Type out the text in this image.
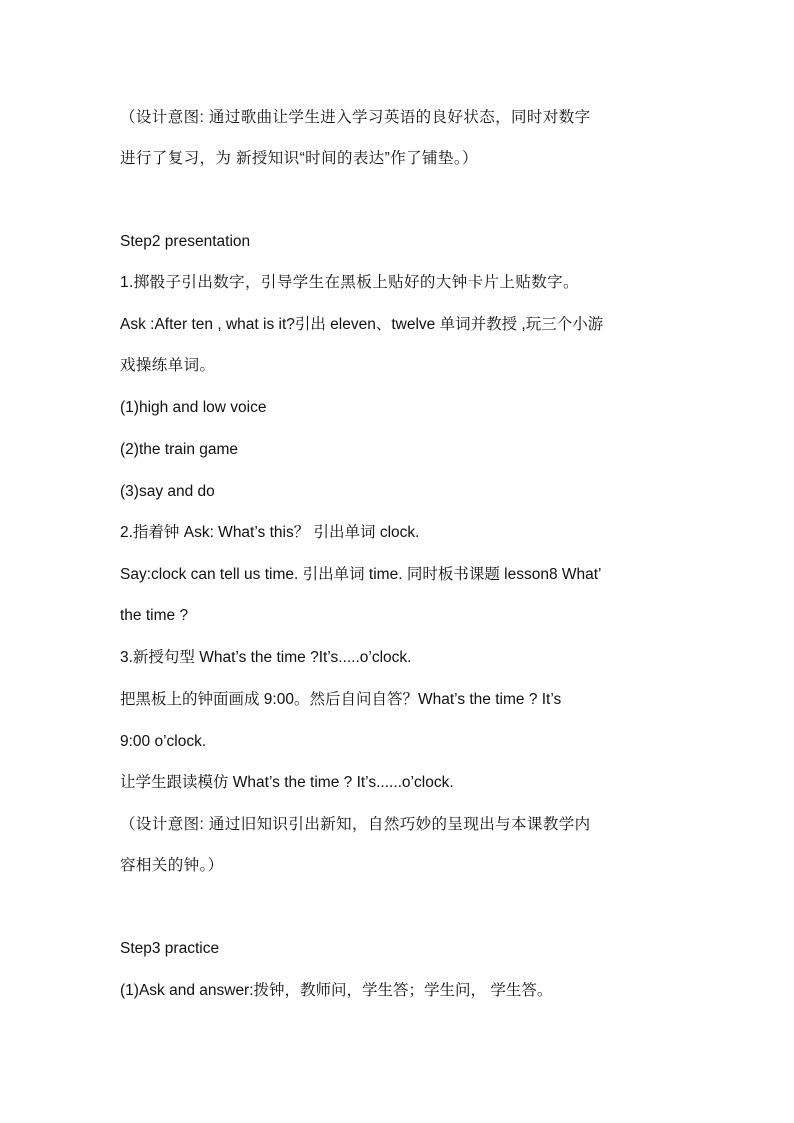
（设计意图: 通过歌曲让学生进入学习英语的良好状态，同时对数字
进行了复习，为 新授知识“时间的表达”作了铺垫。）
Step2 presentation
1.掷骰子引出数字，引导学生在黑板上贴好的大钟卡片上贴数字。
Ask :After ten , what is it?引出 eleven、twelve 单词并教授 ,玩三个小游
戏操练单词。
(1)high and low voice
(2)the train game
(3)say and do
2.指着钟 Ask: What’s this？ 引出单词 clock.
Say:clock can tell us time. 引出单词 time. 同时板书课题 lesson8 What’
the time ?
3.新授句型 What’s the time ?It’s.....o’clock.
把黑板上的钟面画成 9:00。然后自问自答？What’s the time ? It’s
9:00 o’clock.
让学生跟读模仿 What’s the time ? It’s......o’clock.
（设计意图: 通过旧知识引出新知，自然巧妙的呈现出与本课教学内
容相关的钟。）
Step3 practice
(1)Ask and answer:拨钟，教师问，学生答；学生问， 学生答。
